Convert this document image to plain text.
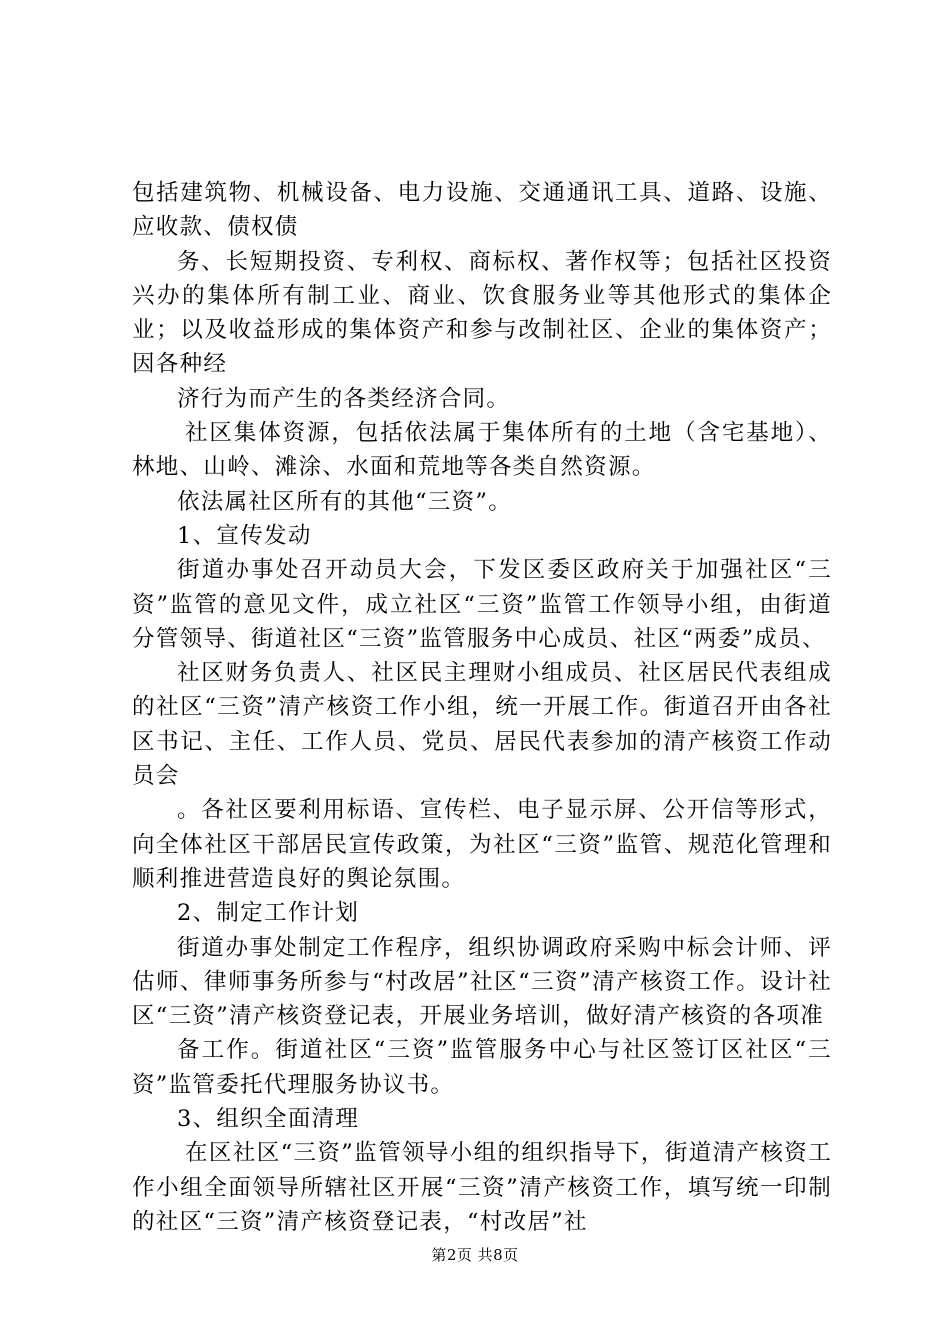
包括建筑物、机械设备、电力设施、交通通讯工具、道路、设施、应收款、债权债

务、长短期投资、专利权、商标权、著作权等；包括社区投资兴办的集体所有制工业、商业、饮食服务业等其他形式的集体企业；以及收益形成的集体资产和参与改制社区、企业的集体资产；因各种经

济行为而产生的各类经济合同。

社区集体资源，包括依法属于集体所有的土地（含宅基地）、林地、山岭、滩涂、水面和荒地等各类自然资源。

依法属社区所有的其他“三资”。

1、宣传发动

街道办事处召开动员大会，下发区委区政府关于加强社区“三资”监管的意见文件，成立社区“三资”监管工作领导小组，由街道分管领导、街道社区“三资”监管服务中心成员、社区“两委”成员、

社区财务负责人、社区民主理财小组成员、社区居民代表组成的社区“三资”清产核资工作小组，统一开展工作。街道召开由各社区书记、主任、工作人员、党员、居民代表参加的清产核资工作动员会

。各社区要利用标语、宣传栏、电子显示屏、公开信等形式，向全体社区干部居民宣传政策，为社区“三资”监管、规范化管理和顺利推进营造良好的舆论氛围。

2、制定工作计划

街道办事处制定工作程序，组织协调政府采购中标会计师、评估师、律师事务所参与“村改居”社区“三资”清产核资工作。设计社区“三资”清产核资登记表，开展业务培训，做好清产核资的各项准

备工作。街道社区“三资”监管服务中心与社区签订区社区“三资”监管委托代理服务协议书。

3、组织全面清理

在区社区“三资”监管领导小组的组织指导下，街道清产核资工作小组全面领导所辖社区开展“三资”清产核资工作，填写统一印制的社区“三资”清产核资登记表，“村改居”社

第2页 共8页
